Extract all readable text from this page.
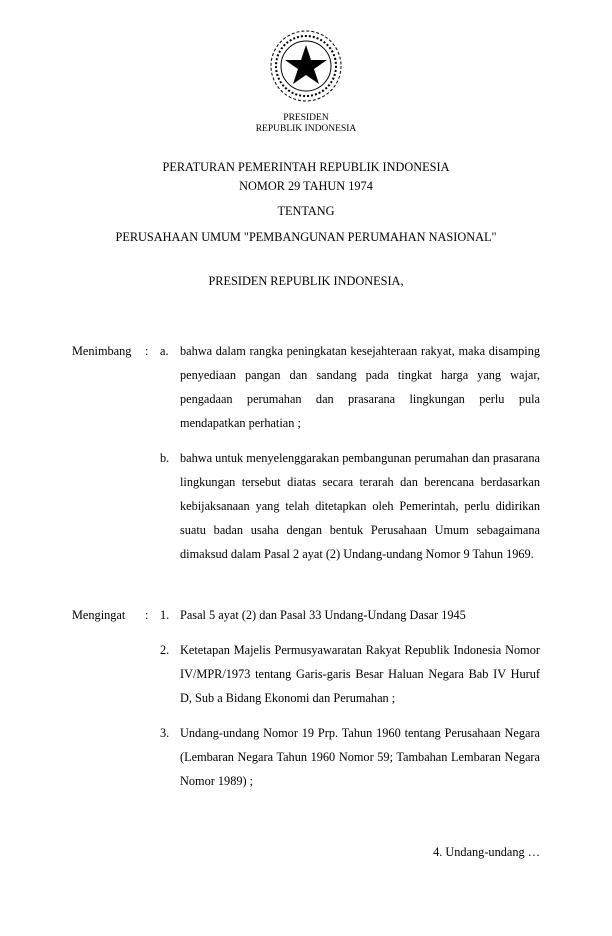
PRESIDEN
REPUBLIK INDONESIA
PERATURAN PEMERINTAH REPUBLIK INDONESIA
NOMOR 29 TAHUN 1974
TENTANG
PERUSAHAAN UMUM "PEMBANGUNAN PERUMAHAN NASIONAL"
PRESIDEN REPUBLIK INDONESIA,
Menimbang : a. bahwa dalam rangka peningkatan kesejahteraan rakyat, maka disamping penyediaan pangan dan sandang pada tingkat harga yang wajar, pengadaan perumahan dan prasarana lingkungan perlu pula mendapatkan perhatian ;
b. bahwa untuk menyelenggarakan pembangunan perumahan dan prasarana lingkungan tersebut diatas secara terarah dan berencana berdasarkan kebijaksanaan yang telah ditetapkan oleh Pemerintah, perlu didirikan suatu badan usaha dengan bentuk Perusahaan Umum sebagaimana dimaksud dalam Pasal 2 ayat (2) Undang-undang Nomor 9 Tahun 1969.
Mengingat : 1. Pasal 5 ayat (2) dan Pasal 33 Undang-Undang Dasar 1945
2. Ketetapan Majelis Permusyawaratan Rakyat Republik Indonesia Nomor IV/MPR/1973 tentang Garis-garis Besar Haluan Negara Bab IV Huruf D, Sub a Bidang Ekonomi dan Perumahan ;
3. Undang-undang Nomor 19 Prp. Tahun 1960 tentang Perusahaan Negara (Lembaran Negara Tahun 1960 Nomor 59; Tambahan Lembaran Negara Nomor 1989) ;
4. Undang-undang …
